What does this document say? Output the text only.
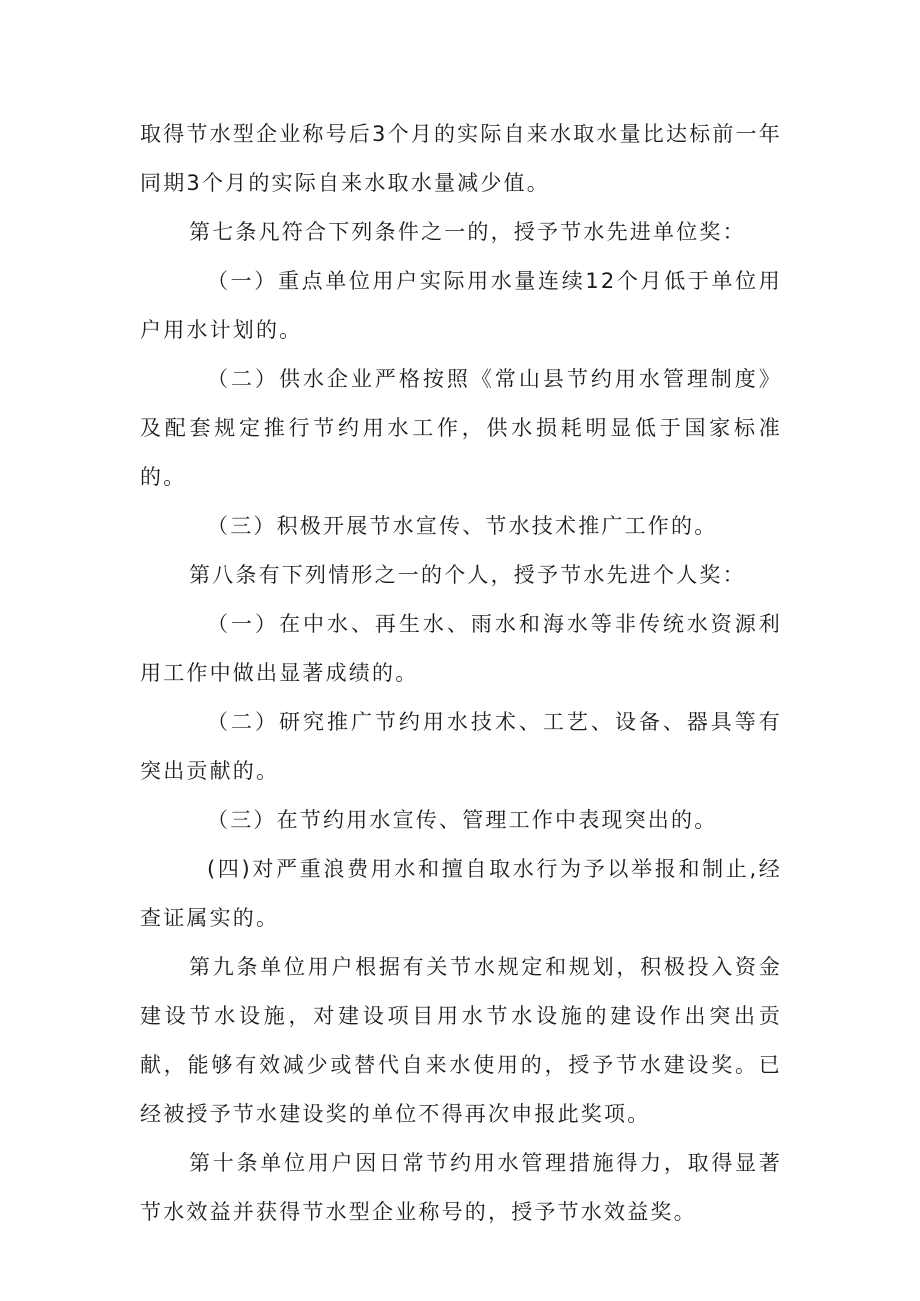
取得节水型企业称号后3个月的实际自来水取水量比达标前一年同期3个月的实际自来水取水量减少值。

第七条凡符合下列条件之一的，授予节水先进单位奖：

（一）重点单位用户实际用水量连续12个月低于单位用户用水计划的。

（二）供水企业严格按照《常山县节约用水管理制度》及配套规定推行节约用水工作，供水损耗明显低于国家标准的。

（三）积极开展节水宣传、节水技术推广工作的。

第八条有下列情形之一的个人，授予节水先进个人奖：

（一）在中水、再生水、雨水和海水等非传统水资源利用工作中做出显著成绩的。

（二）研究推广节约用水技术、工艺、设备、器具等有突出贡献的。

（三）在节约用水宣传、管理工作中表现突出的。

(四)对严重浪费用水和擅自取水行为予以举报和制止,经查证属实的。

第九条单位用户根据有关节水规定和规划，积极投入资金建设节水设施，对建设项目用水节水设施的建设作出突出贡献，能够有效减少或替代自来水使用的，授予节水建设奖。已经被授予节水建设奖的单位不得再次申报此奖项。

第十条单位用户因日常节约用水管理措施得力，取得显著节水效益并获得节水型企业称号的，授予节水效益奖。
